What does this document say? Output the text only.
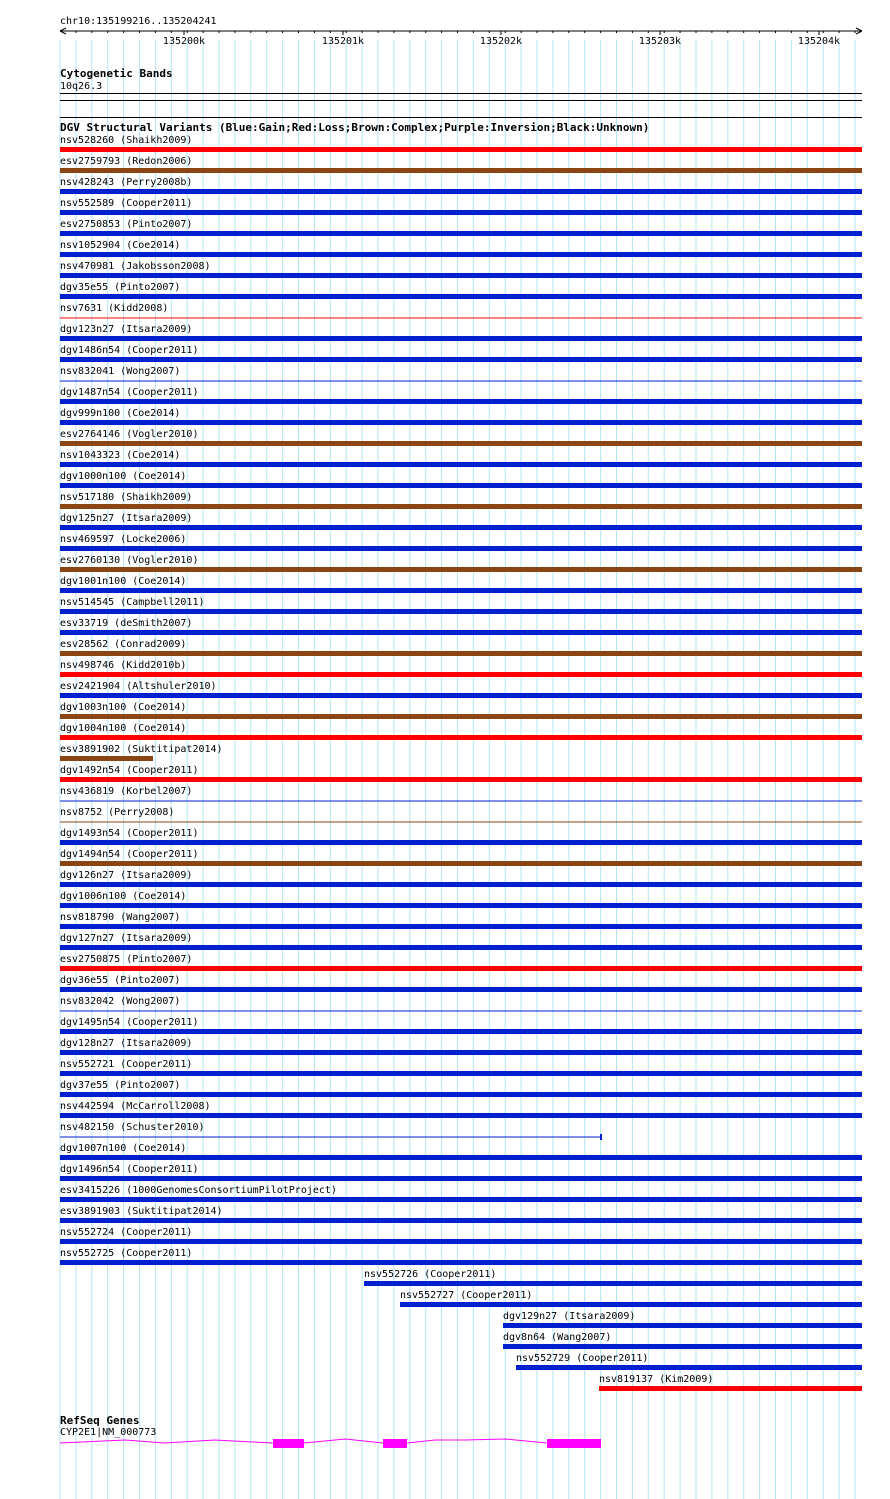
chr10:135199216..135204241
135200k	135201k	135202k	135203k	135204k
Cytogenetic Bands
10q26.3
DGV Structural Variants (Blue:Gain;Red:Loss;Brown:Complex;Purple:Inversion;Black:Unknown)
nsv528260 (Shaikh2009)
esv2759793 (Redon2006)
nsv428243 (Perry2008b)
nsv552589 (Cooper2011)
esv2750853 (Pinto2007)
nsv1052904 (Coe2014)
nsv470981 (Jakobsson2008)
dgv35e55 (Pinto2007)
nsv7631 (Kidd2008)
dgv123n27 (Itsara2009)
dgv1486n54 (Cooper2011)
nsv832041 (Wong2007)
dgv1487n54 (Cooper2011)
dgv999n100 (Coe2014)
esv2764146 (Vogler2010)
nsv1043323 (Coe2014)
dgv1000n100 (Coe2014)
nsv517180 (Shaikh2009)
dgv125n27 (Itsara2009)
nsv469597 (Locke2006)
esv2760130 (Vogler2010)
dgv1001n100 (Coe2014)
nsv514545 (Campbell2011)
esv33719 (deSmith2007)
esv28562 (Conrad2009)
nsv498746 (Kidd2010b)
esv2421904 (Altshuler2010)
dgv1003n100 (Coe2014)
dgv1004n100 (Coe2014)
esv3891902 (Suktitipat2014)
dgv1492n54 (Cooper2011)
nsv436819 (Korbel2007)
nsv8752 (Perry2008)
dgv1493n54 (Cooper2011)
dgv1494n54 (Cooper2011)
dgv126n27 (Itsara2009)
dgv1006n100 (Coe2014)
nsv818790 (Wang2007)
dgv127n27 (Itsara2009)
esv2750875 (Pinto2007)
dgv36e55 (Pinto2007)
nsv832042 (Wong2007)
dgv1495n54 (Cooper2011)
dgv128n27 (Itsara2009)
nsv552721 (Cooper2011)
dgv37e55 (Pinto2007)
nsv442594 (McCarroll2008)
nsv482150 (Schuster2010)
dgv1007n100 (Coe2014)
dgv1496n54 (Cooper2011)
esv3415226 (1000GenomesConsortiumPilotProject)
esv3891903 (Suktitipat2014)
nsv552724 (Cooper2011)
nsv552725 (Cooper2011)
nsv552726 (Cooper2011)
nsv552727 (Cooper2011)
dgv129n27 (Itsara2009)
dgv8n64 (Wang2007)
nsv552729 (Cooper2011)
nsv819137 (Kim2009)
RefSeq Genes
CYP2E1|NM_000773
